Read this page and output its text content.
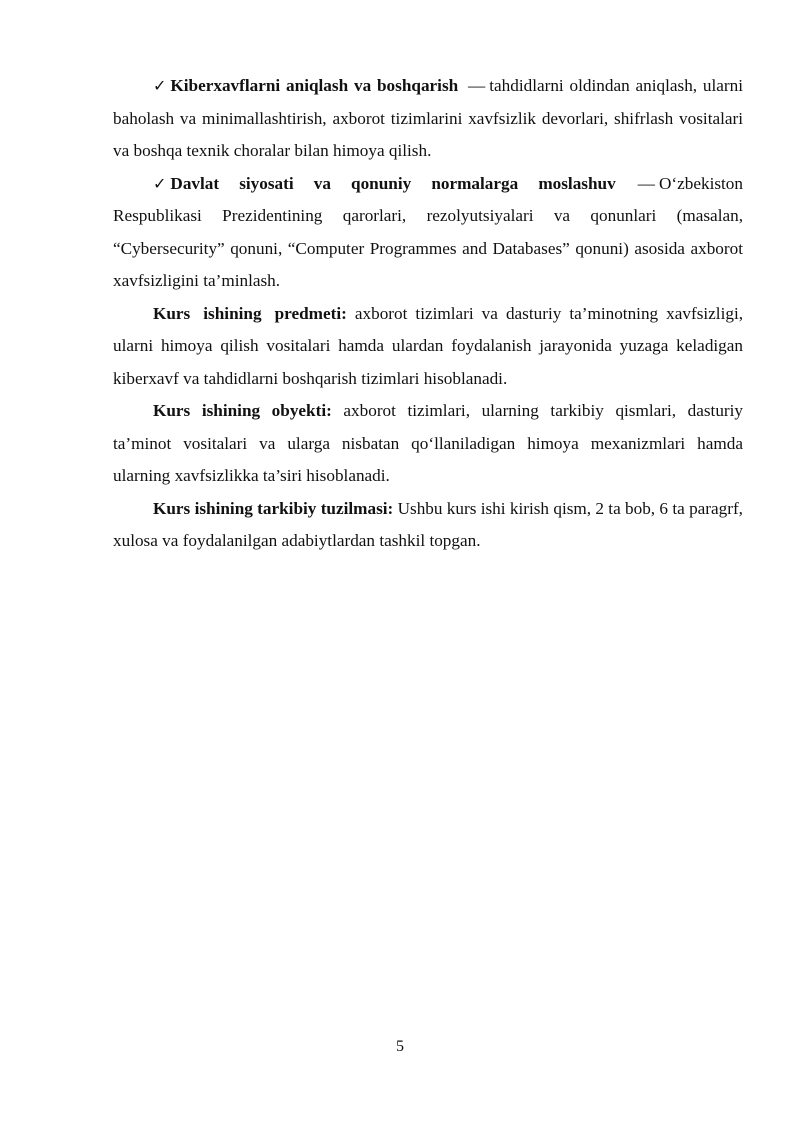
✓ Kiberxavflarni aniqlash va boshqarish — tahdidlarni oldindan aniqlash, ularni baholash va minimallashtirish, axborot tizimlarini xavfsizlik devorlari, shifrlash vositalari va boshqa texnik choralar bilan himoya qilish.

✓ Davlat siyosati va qonuniy normalarga moslashuv — O‘zbekiston Respublikasi Prezidentining qarorlari, rezolyutsiyalari va qonunlari (masalan, “Cybersecurity” qonuni, “Computer Programmes and Databases” qonuni) asosida axborot xavfsizligini ta’minlash.

Kurs ishining predmeti: axborot tizimlari va dasturiy ta’minotning xavfsizligi, ularni himoya qilish vositalari hamda ulardan foydalanish jarayonida yuzaga keladigan kiberxavf va tahdidlarni boshqarish tizimlari hisoblanadi.

Kurs ishining obyekti: axborot tizimlari, ularning tarkibiy qismlari, dasturiy ta’minot vositalari va ularga nisbatan qo‘llaniladigan himoya mexanizmlari hamda ularning xavfsizlikka ta’siri hisoblanadi.

Kurs ishining tarkibiy tuzilmasi: Ushbu kurs ishi kirish qism, 2 ta bob, 6 ta paragrf, xulosa va foydalanilgan adabiytlardan tashkil topgan.

5
